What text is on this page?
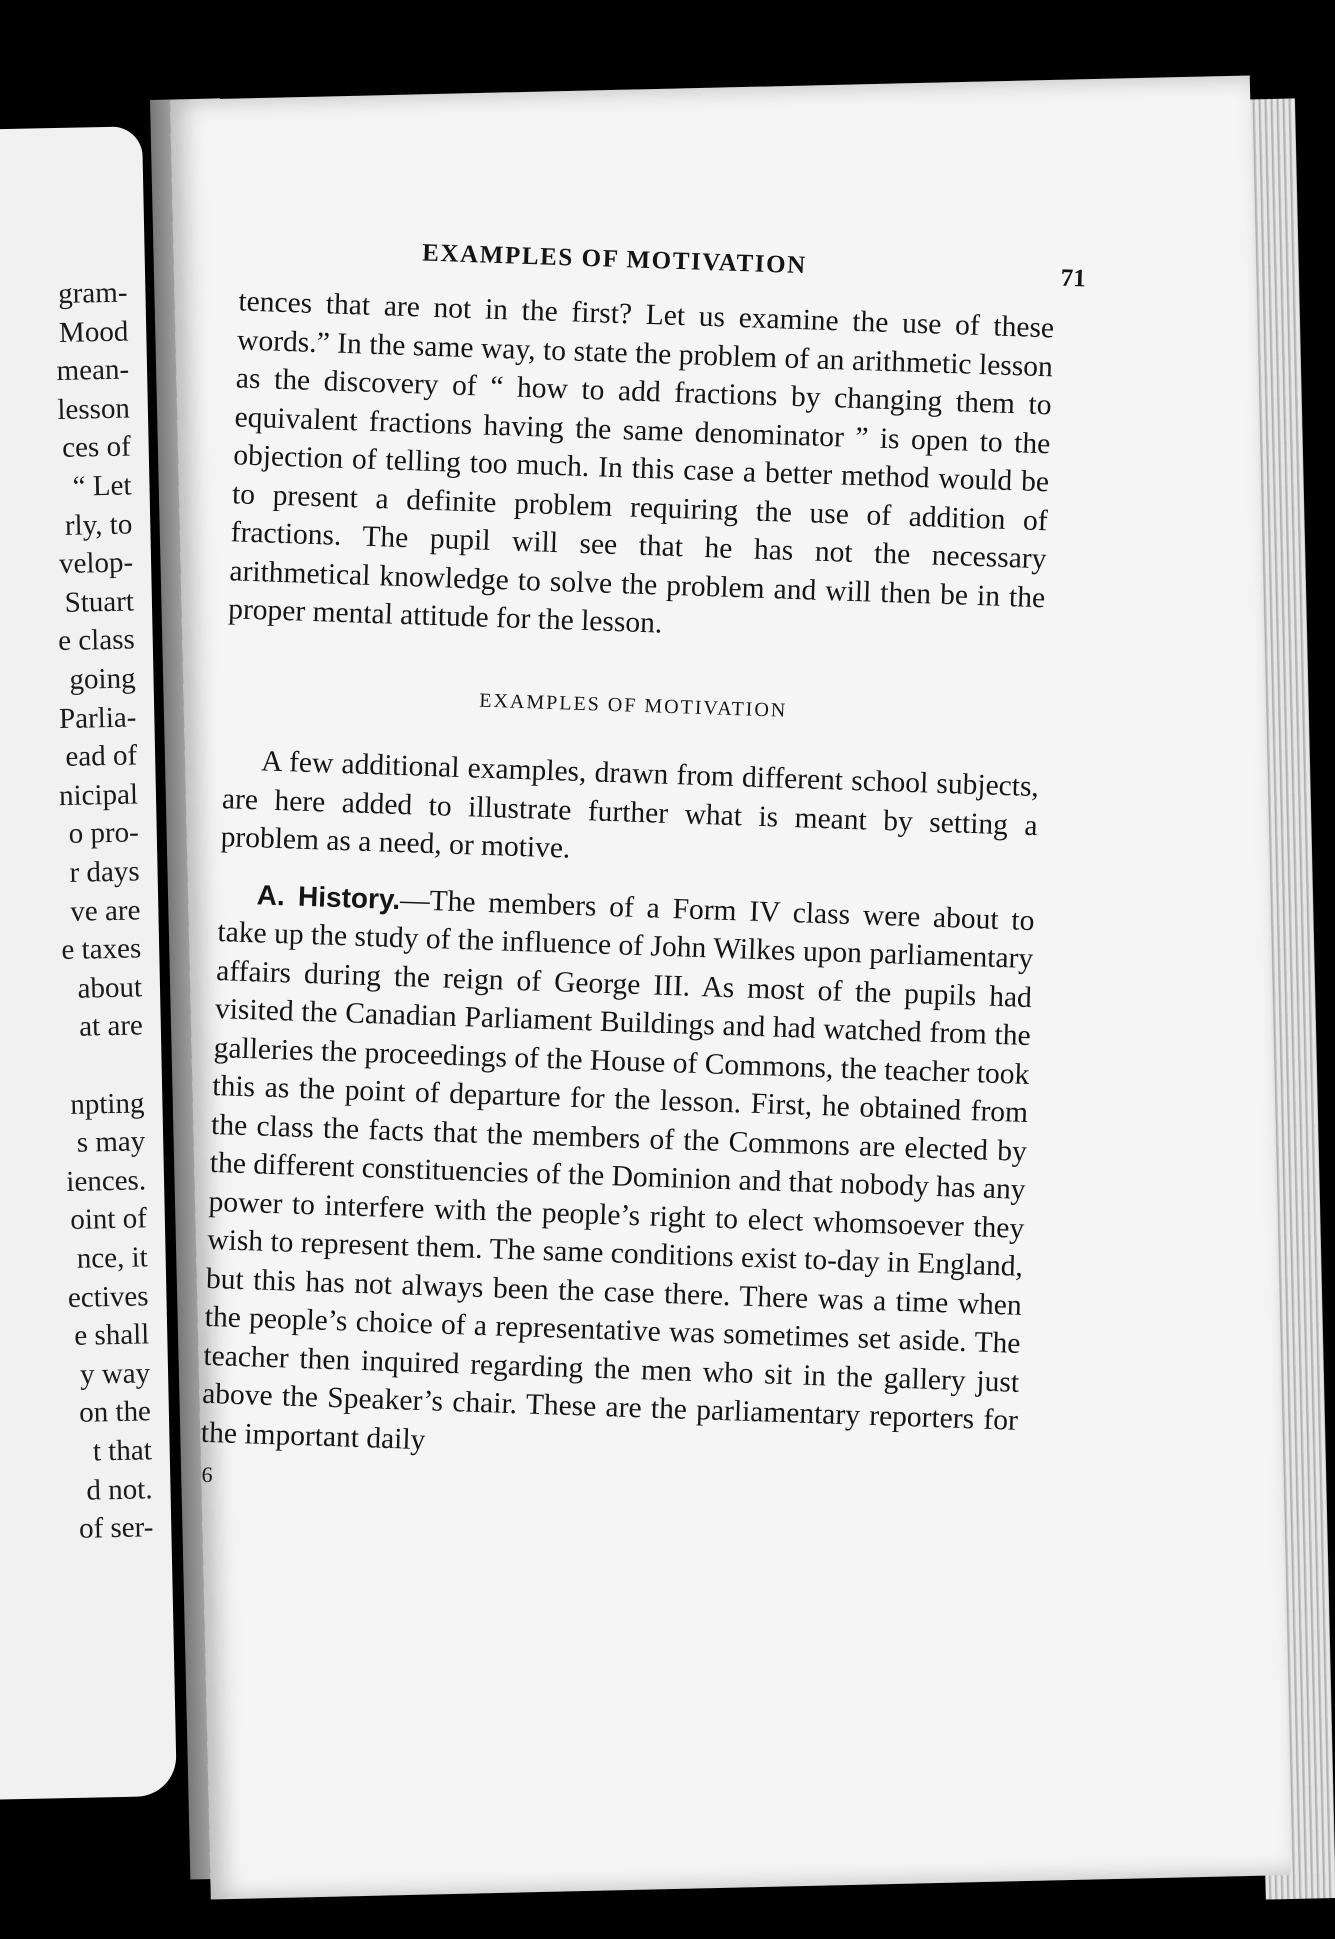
gram-
Mood
mean-
lesson
ces of
“ Let
rly, to
velop-
Stuart
e class
going
Parlia-
ead of
nicipal
o pro-
r days
ve are
e taxes
about
at are
npting
s may
iences.
oint of
nce, it
ectives
e shall
y way
on the
t that
d not.
of ser-
EXAMPLES OF MOTIVATION	71

tences that are not in the first? Let us examine the use of these words.” In the same way, to state the problem of an arithmetic lesson as the discovery of “ how to add fractions by changing them to equivalent fractions having the same denominator ” is open to the objection of telling too much. In this case a better method would be to present a definite problem requiring the use of addition of fractions. The pupil will see that he has not the necessary arithmetical knowledge to solve the problem and will then be in the proper mental attitude for the lesson.

EXAMPLES OF MOTIVATION

A few additional examples, drawn from different school subjects, are here added to illustrate further what is meant by setting a problem as a need, or motive.

A. History.—The members of a Form IV class were about to take up the study of the influence of John Wilkes upon parliamentary affairs during the reign of George III. As most of the pupils had visited the Canadian Parliament Buildings and had watched from the galleries the proceedings of the House of Commons, the teacher took this as the point of departure for the lesson. First, he obtained from the class the facts that the members of the Commons are elected by the different constituencies of the Dominion and that nobody has any power to interfere with the people’s right to elect whomsoever they wish to represent them. The same conditions exist to-day in England, but this has not always been the case there. There was a time when the people’s choice of a representative was sometimes set aside. The teacher then inquired regarding the men who sit in the gallery just above the Speaker’s chair. These are the parliamentary reporters for the important daily

6
